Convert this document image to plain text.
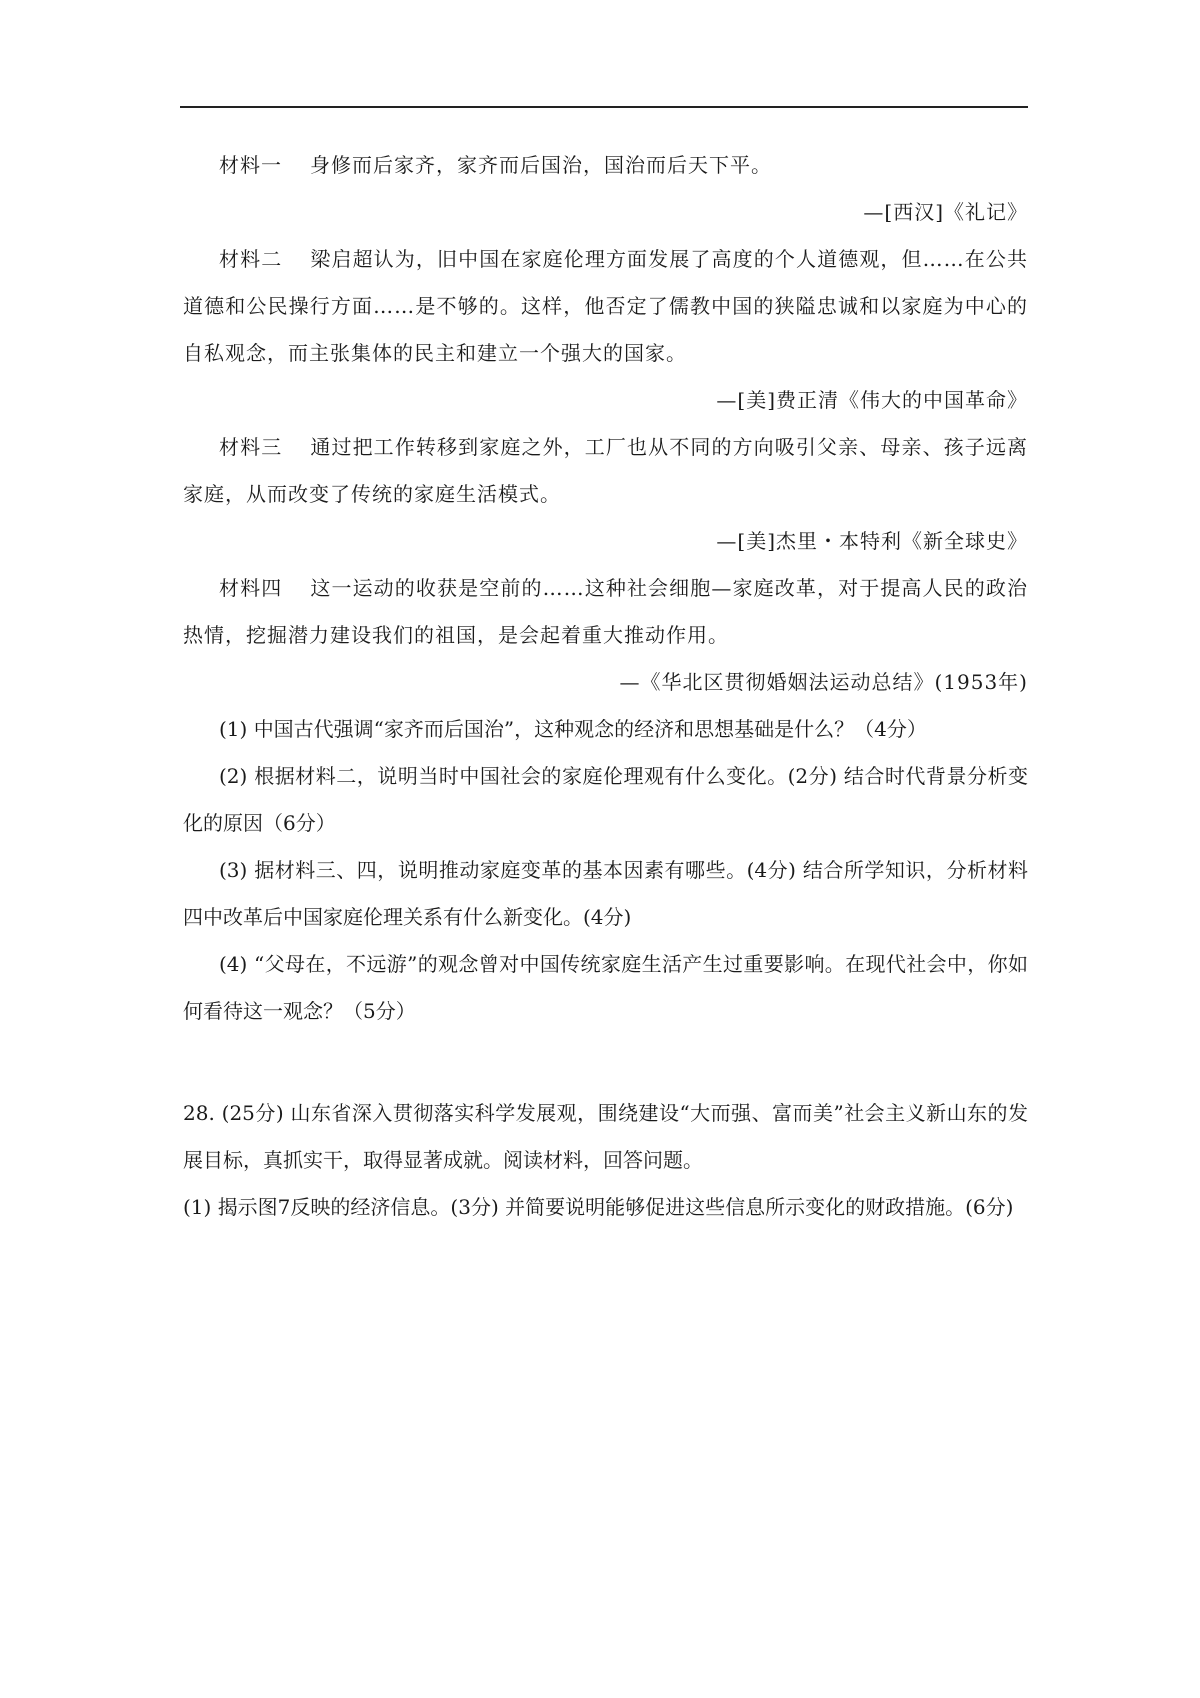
材料一 身修而后家齐，家齐而后国治，国治而后天下平。

—[西汉]《礼记》

材料二 梁启超认为，旧中国在家庭伦理方面发展了高度的个人道德观，但……在公共道德和公民操行方面……是不够的。这样，他否定了儒教中国的狭隘忠诚和以家庭为中心的自私观念，而主张集体的民主和建立一个强大的国家。

—[美]费正清《伟大的中国革命》

材料三 通过把工作转移到家庭之外，工厂也从不同的方向吸引父亲、母亲、孩子远离家庭，从而改变了传统的家庭生活模式。

—[美]杰里・本特利《新全球史》

材料四 这一运动的收获是空前的……这种社会细胞—家庭改革，对于提高人民的政治热情，挖掘潜力建设我们的祖国，是会起着重大推动作用。

—《华北区贯彻婚姻法运动总结》(1953年)

(1) 中国古代强调“家齐而后国治”，这种观念的经济和思想基础是什么？（4分）

(2) 根据材料二，说明当时中国社会的家庭伦理观有什么变化。(2分) 结合时代背景分析变化的原因（6分）

(3) 据材料三、四，说明推动家庭变革的基本因素有哪些。(4分) 结合所学知识，分析材料四中改革后中国家庭伦理关系有什么新变化。(4分)

(4) “父母在，不远游”的观念曾对中国传统家庭生活产生过重要影响。在现代社会中，你如何看待这一观念？（5分）

28. (25分) 山东省深入贯彻落实科学发展观，围绕建设“大而强、富而美”社会主义新山东的发展目标，真抓实干，取得显著成就。阅读材料，回答问题。

(1) 揭示图7反映的经济信息。(3分) 并简要说明能够促进这些信息所示变化的财政措施。(6分)
